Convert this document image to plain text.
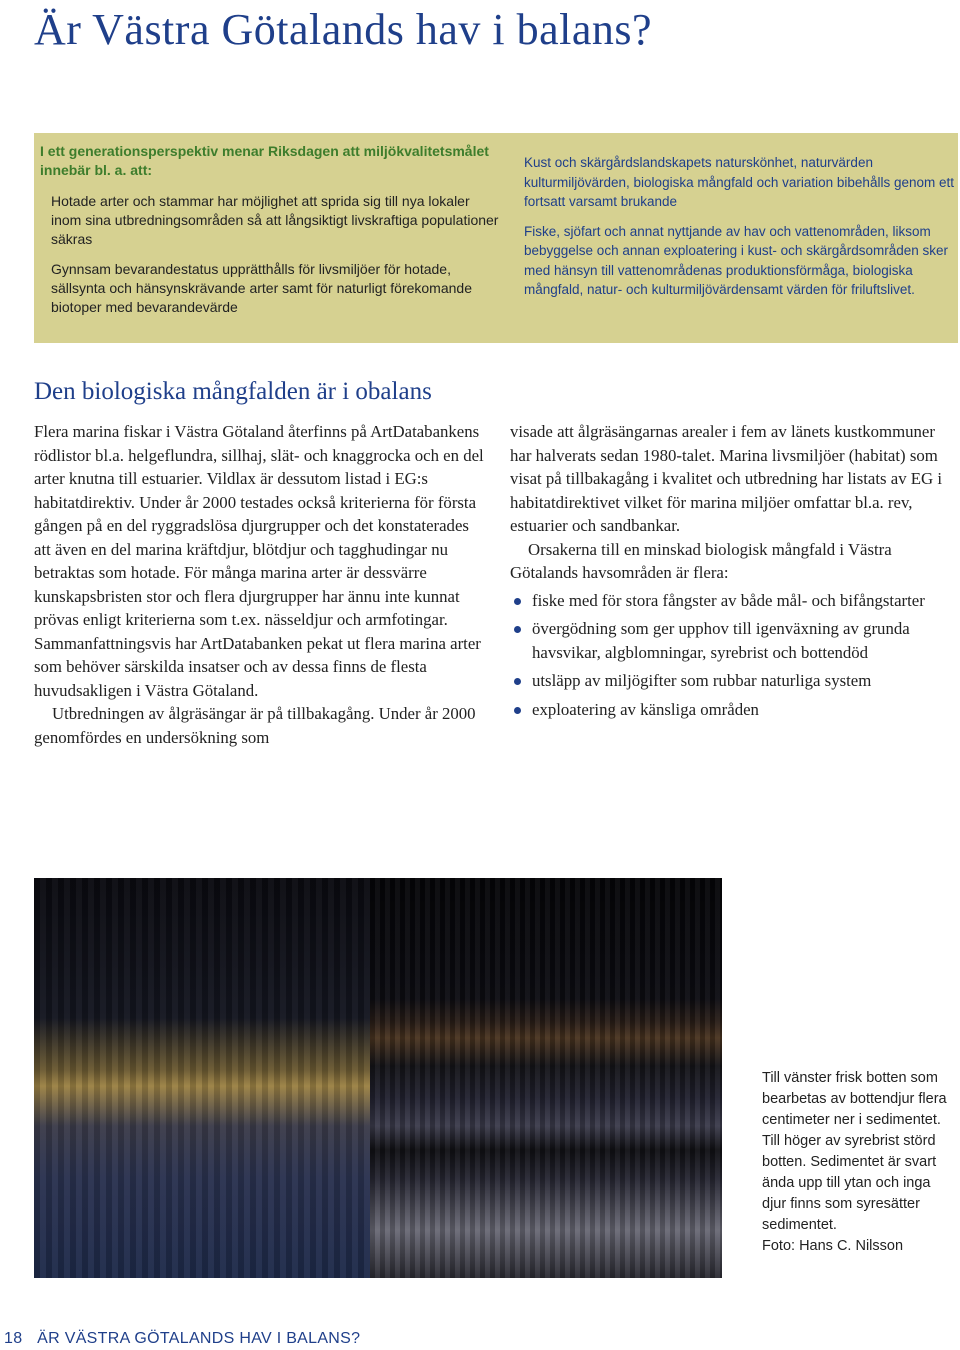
Är Västra Götalands hav i balans?

I ett generationsperspektiv menar Riksdagen att miljökvalitetsmålet innebär bl. a. att:

Hotade arter och stammar har möjlighet att sprida sig till nya lokaler inom sina utbredningsområden så att långsiktigt livskraftiga populationer säkras

Gynnsam bevarandestatus upprätthålls för livsmiljöer för hotade, sällsynta och hänsynskrävande arter samt för naturligt förekomande biotoper med bevarandevärde

Kust och skärgårdslandskapets naturskönhet, naturvärden kulturmiljövärden, biologiska mångfald och variation bibehålls genom ett fortsatt varsamt brukande

Fiske, sjöfart och annat nyttjande av hav och vattenområden, liksom bebyggelse och annan exploatering i kust- och skärgårdsområden sker med hänsyn till vattenområdenas produktionsförmåga, biologiska mångfald, natur- och kulturmiljövärdensamt värden för friluftslivet.

Den biologiska mångfalden är i obalans

Flera marina fiskar i Västra Götaland återfinns på ArtDatabankens rödlistor bl.a. helgeflundra, sillhaj, slät- och knaggrocka och en del arter knutna till estuarier. Vildlax är dessutom listad i EG:s habitatdirektiv. Under år 2000 testades också kriterierna för första gången på en del ryggradslösa djurgrupper och det konstaterades att även en del marina kräftdjur, blötdjur och tagghudingar nu betraktas som hotade. För många marina arter är dessvärre kunskapsbristen stor och flera djurgrupper har ännu inte kunnat prövas enligt kriterierna som t.ex. nässeldjur och armfotingar. Sammanfattningsvis har ArtDatabanken pekat ut flera marina arter som behöver särskilda insatser och av dessa finns de flesta huvudsakligen i Västra Götaland.

Utbredningen av ålgräsängar är på tillbakagång. Under år 2000 genomfördes en undersökning som

visade att ålgräsängarnas arealer i fem av länets kustkommuner har halverats sedan 1980-talet. Marina livsmiljöer (habitat) som visat på tillbakagång i kvalitet och utbredning har listats av EG i habitatdirektivet vilket för marina miljöer omfattar bl.a. rev, estuarier och sandbankar.

Orsakerna till en minskad biologisk mångfald i Västra Götalands havsområden är flera:

fiske med för stora fångster av både mål- och bifångstarter
övergödning som ger upphov till igenväxning av grunda havsvikar, algblomningar, syrebrist och bottendöd
utsläpp av miljögifter som rubbar naturliga system
exploatering av känsliga områden

Till vänster frisk botten som bearbetas av bottendjur flera centimeter ner i sedimentet. Till höger av syrebrist störd botten. Sedimentet är svart ända upp till ytan och inga djur finns som syresätter sedimentet.

Foto: Hans C. Nilsson

18 ÄR VÄSTRA GÖTALANDS HAV I BALANS?
